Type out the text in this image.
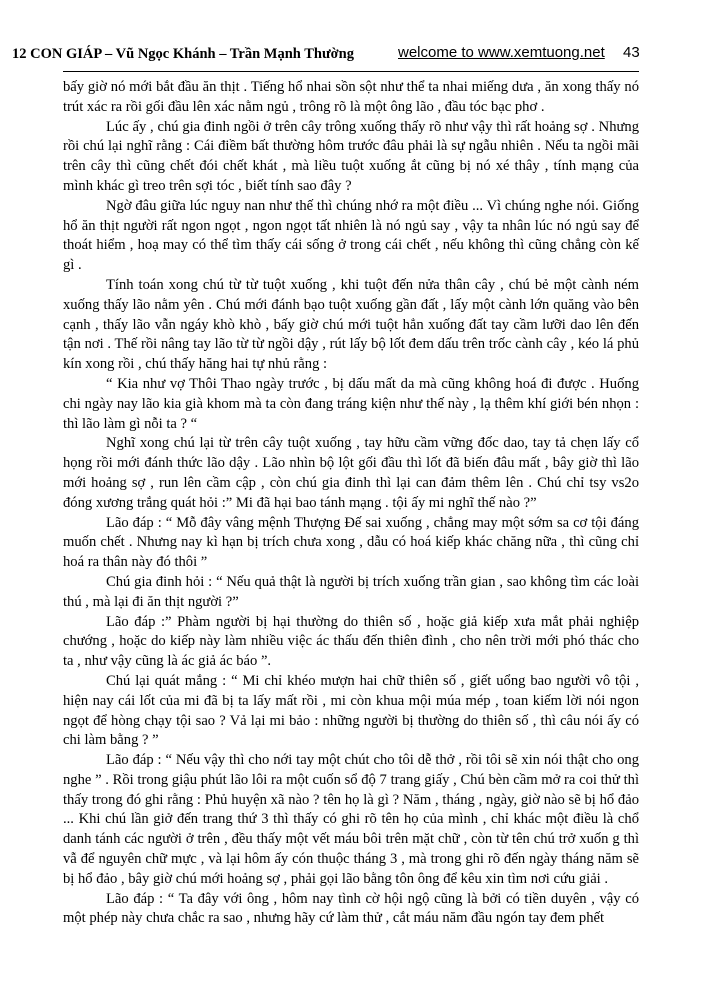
12 CON GIÁP – Vũ Ngọc Khánh – Trần Mạnh Thường	welcome to www.xemtuong.net 43

bấy giờ nó mới bắt đầu ăn thịt . Tiếng hổ nhai sồn sột như thể ta nhai miếng dưa , ăn xong thấy nó trút xác ra rồi gối đầu lên xác nằm ngủ , trông rõ là một ông lão , đầu tóc bạc phơ .

Lúc ấy , chú gia đinh ngồi ở trên cây trông xuống thấy rõ như vậy thì rất hoảng sợ . Nhưng rồi chú lại nghĩ rằng : Cái điềm bất thường hôm trước đâu phải là sự ngẫu nhiên . Nếu ta ngồi mãi trên cây thì cũng chết đói chết khát , mà liều tuột xuống ắt cũng bị nó xé thây , tính mạng của mình khác gì treo trên sợi tóc , biết tính sao đây ?

Ngờ đâu giữa lúc nguy nan như thế thì chúng nhớ ra một điều ... Vì chúng nghe nói. Giống hổ ăn thịt người rất ngon ngọt , ngon ngọt tất nhiên là nó ngủ say , vậy ta nhân lúc nó ngủ say để thoát hiểm , hoạ may có thể tìm thấy cái sống ở trong cái chết , nếu không thì cũng chẳng còn kế gì .

Tính toán xong chú từ từ tuột xuống , khi tuột đến nửa thân cây , chú bẻ một cành ném xuống thấy lão nằm yên . Chú mới đánh bạo tuột xuống gần đất , lấy một cành lớn quăng vào bên cạnh , thấy lão vẫn ngáy khò khò , bấy giờ chú mới tuột hẳn xuống đất tay cầm lưỡi dao lên đến tận nơi . Thế rồi nâng tay lão từ từ ngồi dậy , rút lấy bộ lốt đem dấu trên trốc cành cây , kéo lá phủ kín xong rồi , chú thấy hăng hai tự nhủ rằng :

“ Kia như vợ Thôi Thao ngày trước , bị dấu mất da mà cũng không hoá đi được . Huống chi ngày nay lão kia già khom mà ta còn đang tráng kiện như thế này , lạ thêm khí giới bén nhọn : thì lão làm gì nỗi ta ? “

Nghĩ xong chú lại từ trên cây tuột xuống , tay hữu cầm vững đốc dao, tay tả chẹn lấy cổ họng rồi mới đánh thức lão dậy . Lão nhìn bộ lột gối đầu thì lốt đã biến đâu mất , bây giờ thì lão mới hoảng sợ , run lên cầm cập , còn chú gia đinh thì lại can đảm thêm lên . Chú chỉ tsy vs2o đóng xương trắng quát hỏi :” Mi đã hại bao tánh mạng . tội ấy mi nghĩ thế nào ?”

Lão đáp : “ Mỗ đây vâng mệnh Thượng Đế sai xuống , chẳng may một sớm sa cơ tội đáng muốn chết . Nhưng nay kì hạn bị trích chưa xong , dẫu có hoá kiếp khác chăng nữa , thì cũng chỉ hoá ra thân này đó thôi ”

Chú gia đinh hỏi : “ Nếu quả thật là người bị trích xuống trần gian , sao không tìm các loài thú , mà lại đi ăn thịt người ?”

Lão đáp :” Phàm người bị hại thường do thiên số , hoặc giả kiếp xưa mắt phải nghiệp chướng , hoặc do kiếp này làm nhiều việc ác thấu đến thiên đình , cho nên trời mới phó thác cho ta , như vậy cũng là ác giả ác báo ”.

Chú lại quát mắng : “ Mi chỉ khéo mượn hai chữ thiên số , giết uổng bao người vô tội , hiện nay cái lốt của mi đã bị ta lấy mất rồi , mi còn khua mội múa mép , toan kiếm lời nói ngon ngọt để hòng chạy tội sao ? Vả lại mi bảo : những người bị thường do thiên số , thì câu nói ấy có chi làm bằng ? ”

Lão đáp : “ Nếu vậy thì cho nới tay một chút cho tôi dễ thở , rồi tôi sẽ xin nói thật cho ong nghe ” . Rồi trong giậu phút lão lôi ra một cuốn sổ độ 7 trang giấy , Chú bèn cầm mở ra coi thử thì thấy trong đó ghi rằng : Phủ huyện xã nào ? tên họ là gì ? Năm , tháng , ngày, giờ nào sẽ bị hổ đảo ... Khi chú lần giở đến trang thứ 3 thì thấy có ghi rõ tên họ của mình , chỉ khác một điều là chổ danh tánh các người ở trên , đều thấy một vết máu bôi trên mặt chữ , còn từ tên chú trở xuốn g thì vẫ để nguyên chữ mực , và lại hôm ấy cón thuộc tháng 3 , mà trong ghi rõ đến ngày tháng năm sẽ bị hổ đảo , bây giờ chú mới hoảng sợ , phải gọi lão bằng tôn ông để kêu xin tìm nơi cứu giải .

Lão đáp : “ Ta đây với ông , hôm nay tình cờ hội ngộ cũng là bởi có tiền duyên , vậy có một phép này chưa chắc ra sao , nhưng hãy cứ làm thử , cắt máu năm đầu ngón tay đem phết
